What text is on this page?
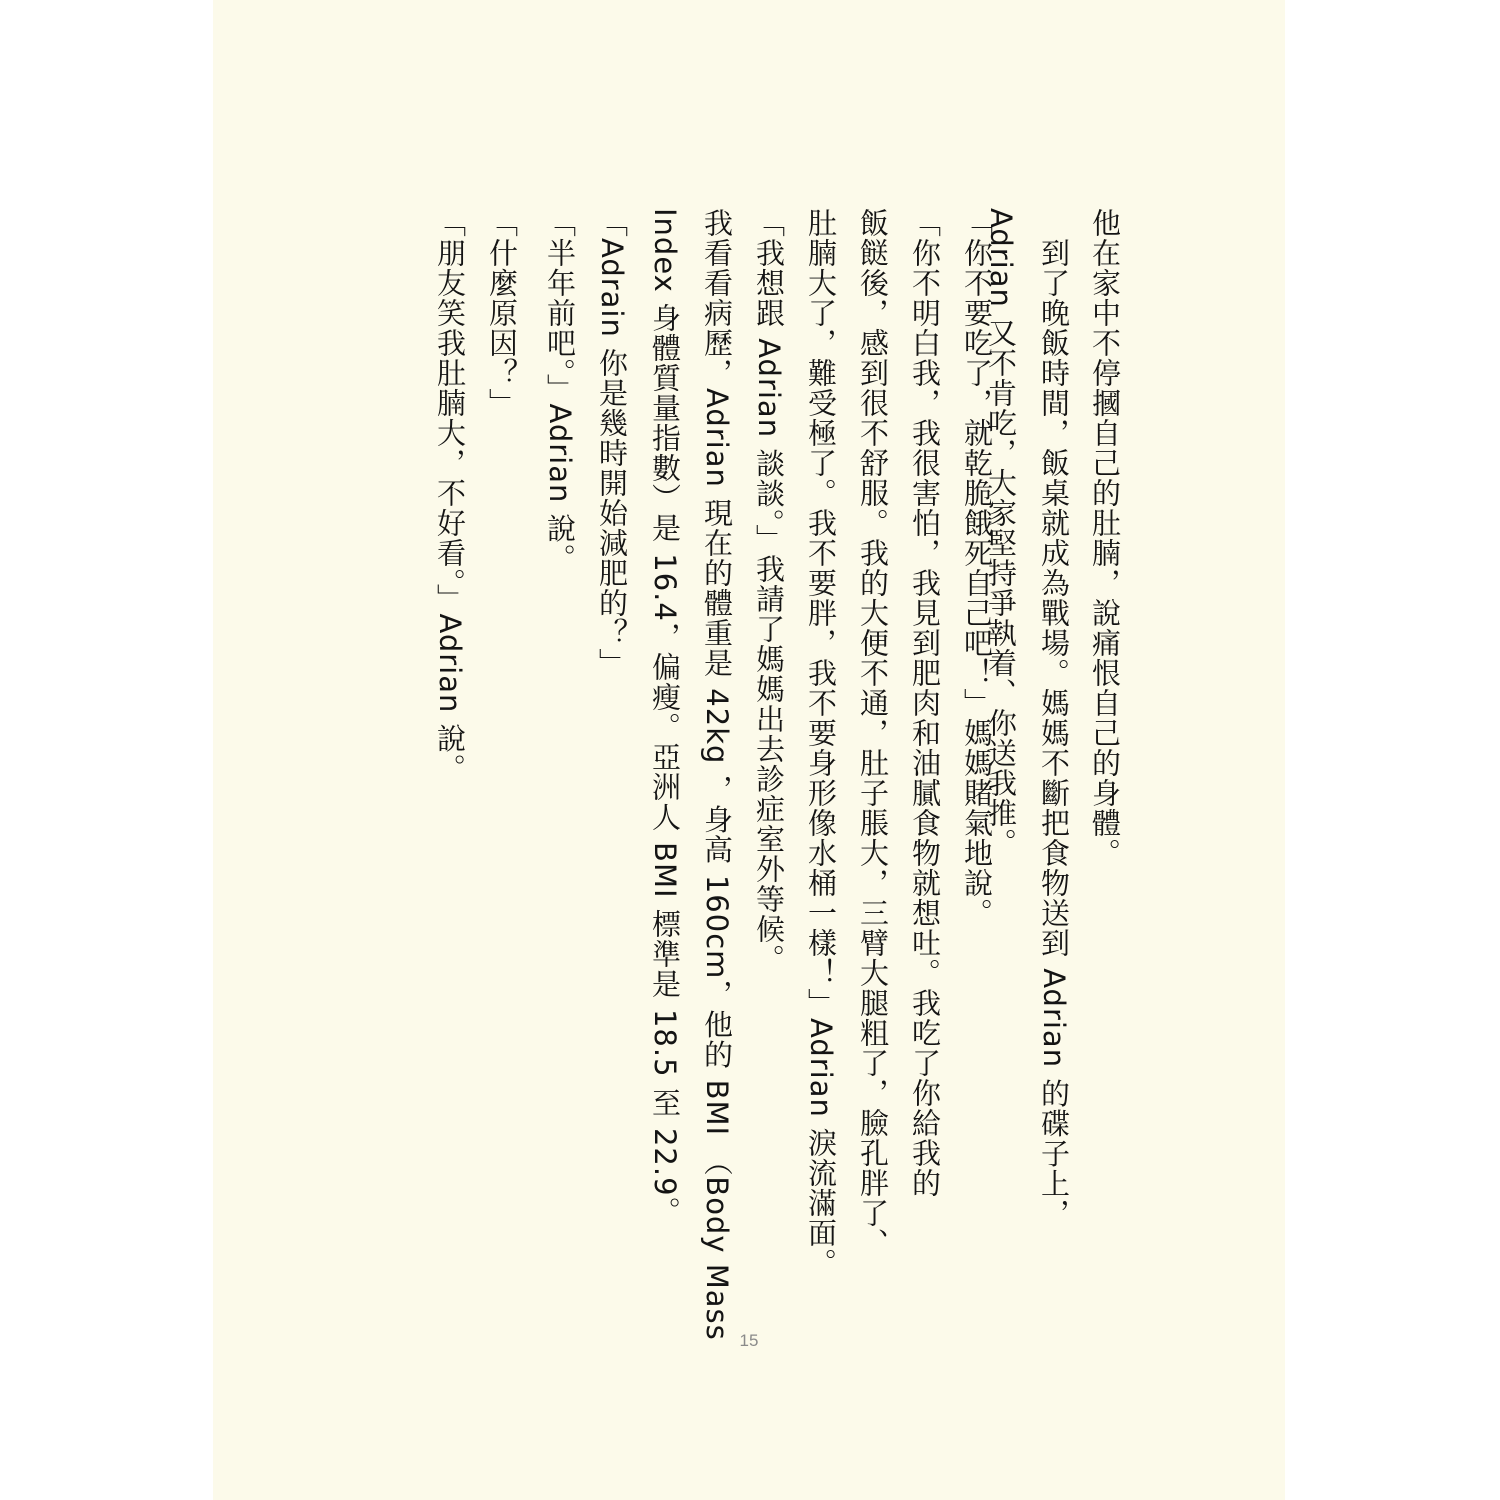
他在家中不停摑自己的肚腩，說痛恨自己的身體。
　到了晚飯時間，飯桌就成為戰場。媽媽不斷把食物送到 Adrian 的碟子上，
Adrian 又不肯吃，大家堅持爭執着、你送我推。
「你不要吃了，就乾脆餓死自己吧！」媽媽賭氣地說。
「你不明白我，我很害怕，我見到肥肉和油膩食物就想吐。我吃了你給我的
飯餸後，感到很不舒服。我的大便不通，肚子脹大，三臂大腿粗了，臉孔胖了、
肚腩大了，難受極了。我不要胖，我不要身形像水桶一樣！」Adrian 淚流滿面。
「我想跟 Adrian 談談。」我請了媽媽出去診症室外等候。
我看看病歷，Adrian 現在的體重是 42kg ，身高 160cm，他的 BMI （Body Mass
Index 身體質量指數）是 16.4，偏瘦。亞洲人 BMI 標準是 18.5 至 22.9。
「Adrain 你是幾時開始減肥的？」
「半年前吧。」Adrian 說。
「什麼原因？」
「朋友笑我肚腩大，不好看。」Adrian 說。
15
